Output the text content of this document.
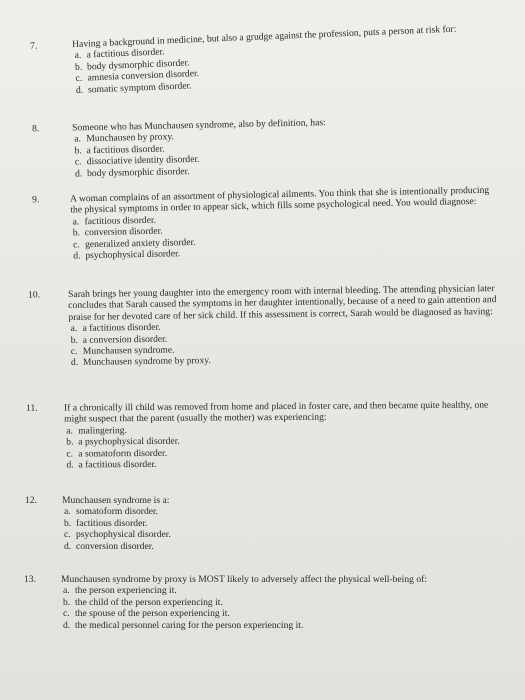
7.	Having a background in medicine, but also a grudge against the profession, puts a person at risk for:

a. a factitious disorder.
b. body dysmorphic disorder.
c. amnesia conversion disorder.
d. somatic symptom disorder.
8.	Someone who has Munchausen syndrome, also by definition, has:

a. Munchausen by proxy.
b. a factitious disorder.
c. dissociative identity disorder.
d. body dysmorphic disorder.
9.	A woman complains of an assortment of physiological ailments. You think that she is intentionally producing the physical symptoms in order to appear sick, which fills some psychological need. You would diagnose:

a. factitious disorder.
b. conversion disorder.
c. generalized anxiety disorder.
d. psychophysical disorder.
10.	Sarah brings her young daughter into the emergency room with internal bleeding. The attending physician later concludes that Sarah caused the symptoms in her daughter intentionally, because of a need to gain attention and praise for her devoted care of her sick child. If this assessment is correct, Sarah would be diagnosed as having:

a. a factitious disorder.
b. a conversion disorder.
c. Munchausen syndrome.
d. Munchausen syndrome by proxy.
11.	If a chronically ill child was removed from home and placed in foster care, and then became quite healthy, one might suspect that the parent (usually the mother) was experiencing:

a. malingering.
b. a psychophysical disorder.
c. a somatoform disorder.
d. a factitious disorder.
12.	Munchausen syndrome is a:

a. somatoform disorder.
b. factitious disorder.
c. psychophysical disorder.
d. conversion disorder.
13.	Munchausen syndrome by proxy is MOST likely to adversely affect the physical well-being of:

a. the person experiencing it.
b. the child of the person experiencing it.
c. the spouse of the person experiencing it.
d. the medical personnel caring for the person experiencing it.
